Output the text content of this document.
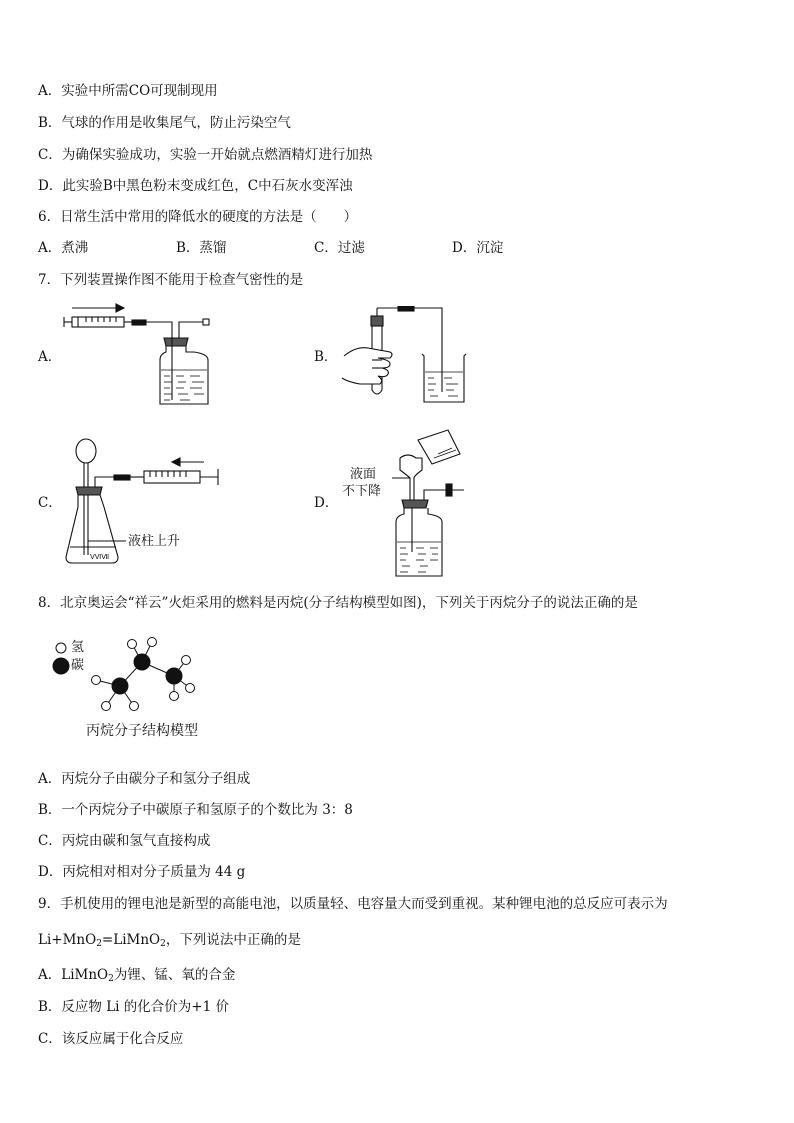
A．实验中所需CO可现制现用
B．气球的作用是收集尾气，防止污染空气
C．为确保实验成功，实验一开始就点燃酒精灯进行加热
D．此实验B中黑色粉末变成红色，C中石灰水变浑浊
6．日常生活中常用的降低水的硬度的方法是（　　）
A．煮沸	B．蒸馏	C．过滤	D．沉淀
7．下列装置操作图不能用于检查气密性的是
A．	B．
C．	D．
ⅤⅥⅦ
液柱上升
液面
不下降
8．北京奥运会“祥云”火炬采用的燃料是丙烷(分子结构模型如图)，下列关于丙烷分子的说法正确的是
氢
碳
丙烷分子结构模型
A．丙烷分子由碳分子和氢分子组成
B．一个丙烷分子中碳原子和氢原子的个数比为 3：8
C．丙烷由碳和氢气直接构成
D．丙烷相对相对分子质量为 44 g
9．手机使用的锂电池是新型的高能电池，以质量轻、电容量大而受到重视。某种锂电池的总反应可表示为
Li+MnO$_2$=LiMnO$_2$，下列说法中正确的是
A．LiMnO$_2$为锂、锰、氧的合金
B．反应物 Li 的化合价为+1 价
C．该反应属于化合反应
